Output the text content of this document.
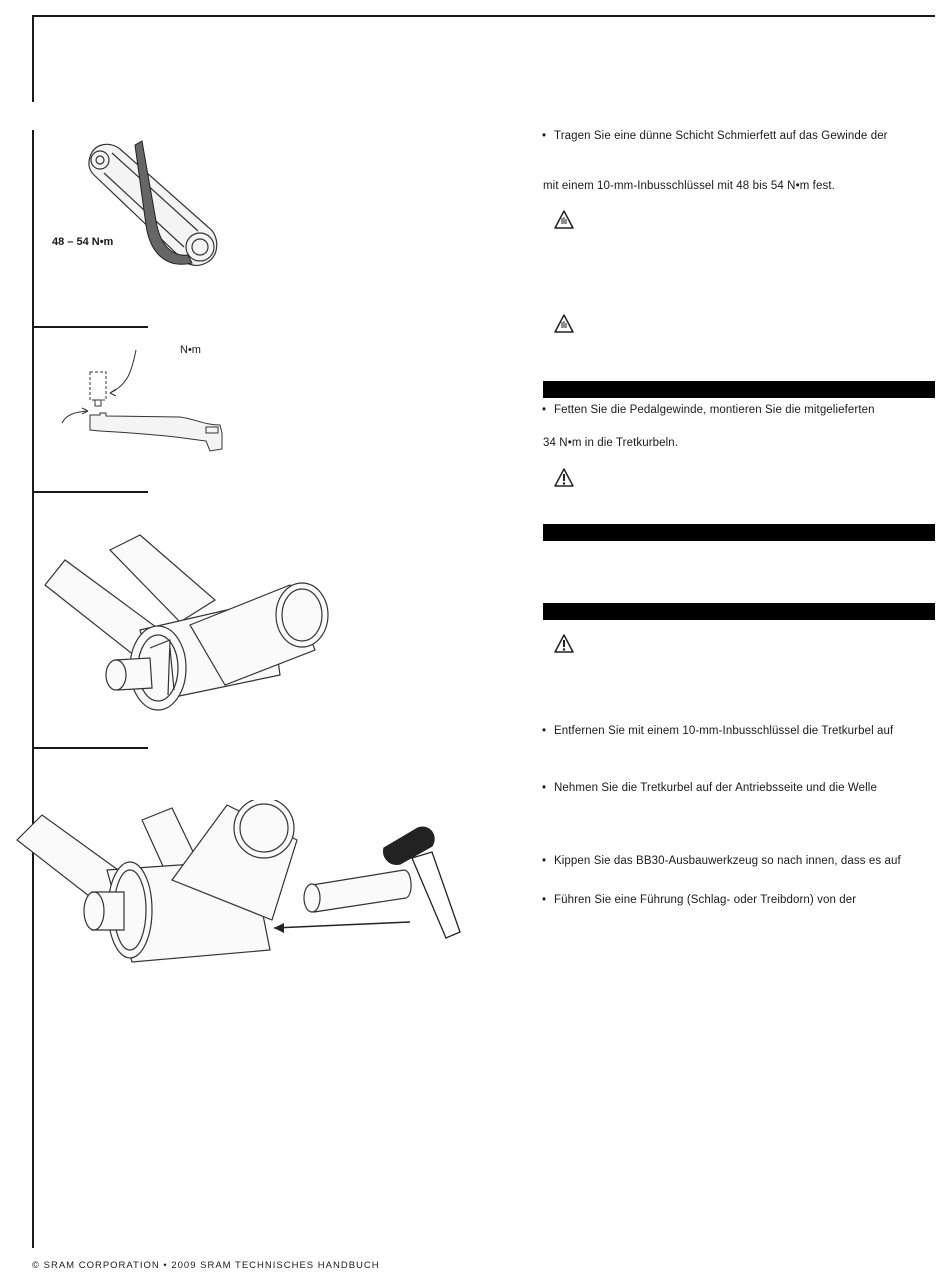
48 – 54 N•m
N•m
• Tragen Sie eine dünne Schicht Schmierfett auf das Gewinde der
mit einem 10-mm-Inbusschlüssel mit 48 bis 54 N•m fest.
• Fetten Sie die Pedalgewinde, montieren Sie die mitgelieferten
34 N•m in die Tretkurbeln.
• Entfernen Sie mit einem 10-mm-Inbusschlüssel die Tretkurbel auf
• Nehmen Sie die Tretkurbel auf der Antriebsseite und die Welle
• Kippen Sie das BB30-Ausbauwerkzeug so nach innen, dass es auf
• Führen Sie eine Führung (Schlag- oder Treibdorn) von der
© SRAM CORPORATION • 2009 SRAM TECHNISCHES HANDBUCH
